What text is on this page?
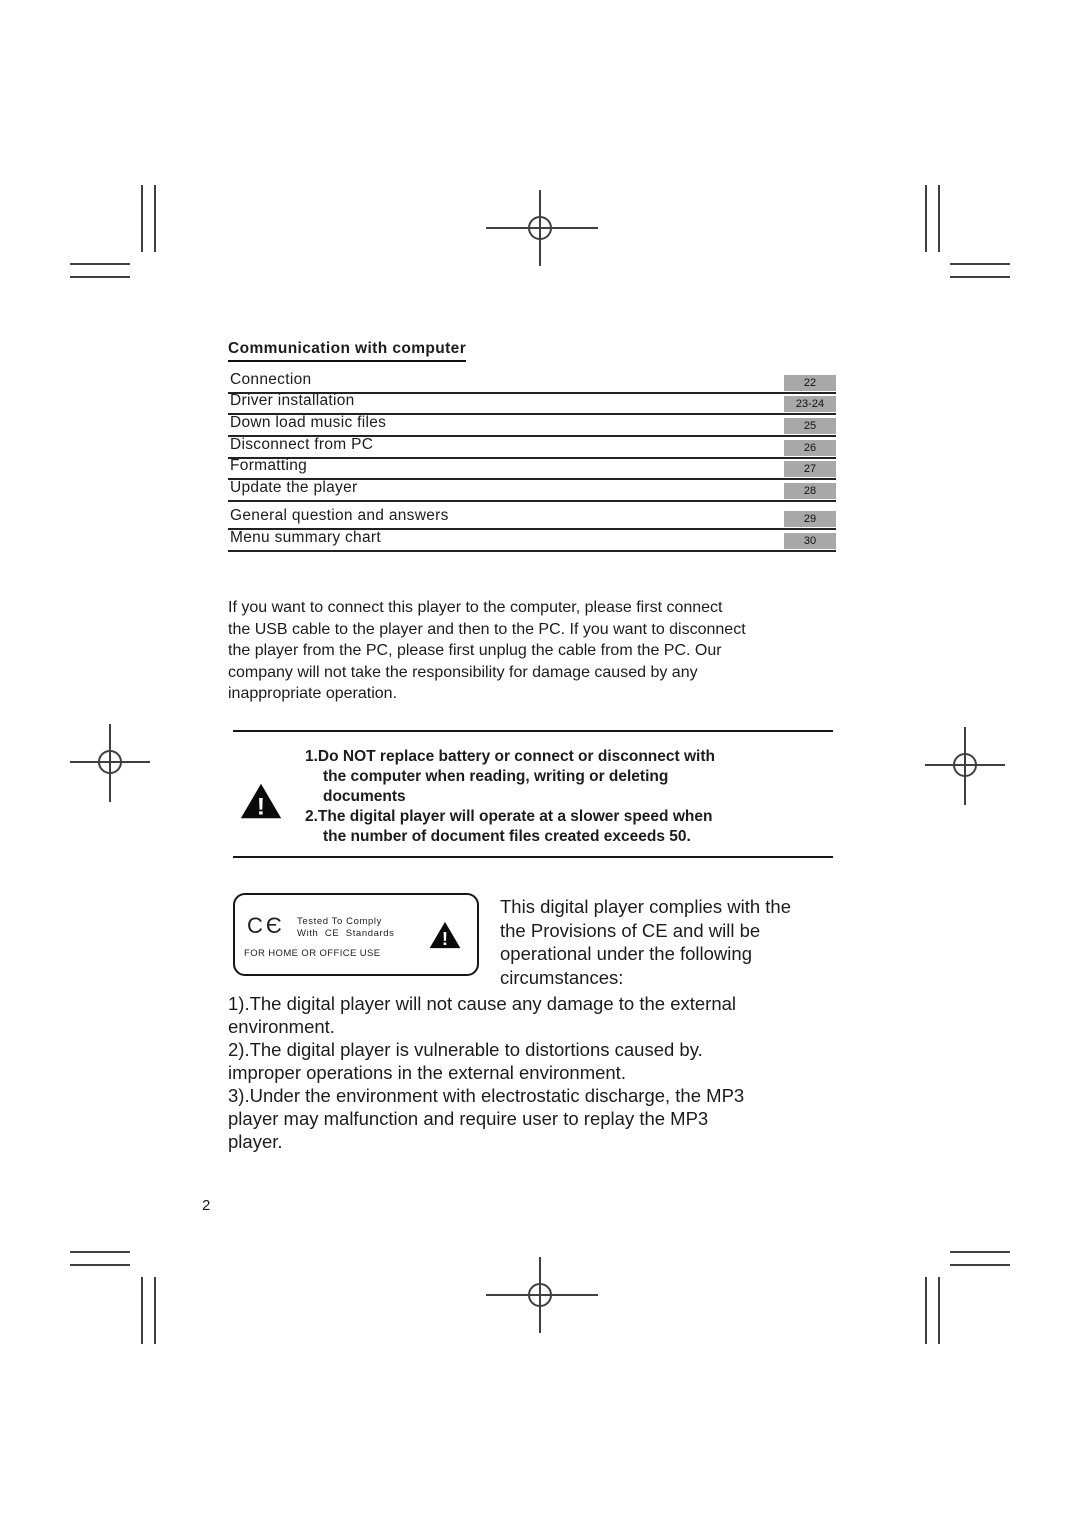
Communication with computer
Connection	22
Driver installation	23-24
Down load music files	25
Disconnect from PC	26
Formatting	27
Update the player	28
General question and answers	29
Menu summary chart	30
If you want to connect this player to the computer, please first connect
the USB cable to the player and then to the PC. If you want to disconnect
the player from the PC, please first unplug the cable from the PC. Our
company will not take the responsibility for damage caused by any
inappropriate operation.
!
1.Do NOT replace battery or connect or disconnect with
the computer when reading, writing or deleting
documents
2.The digital player will operate at a slower speed when
the number of document files created exceeds 50.
CЄ Tested To Comply
With  CE  Standards
FOR HOME OR OFFICE USE
!
This digital player complies with the
the Provisions of CE and will be
operational under the following
circumstances:
1).The digital player will not cause any damage to the external
environment.
2).The digital player is vulnerable to distortions caused by.
improper operations in the external environment.
3).Under the environment with electrostatic discharge, the MP3
player may malfunction and require user to replay the MP3
player.
2
